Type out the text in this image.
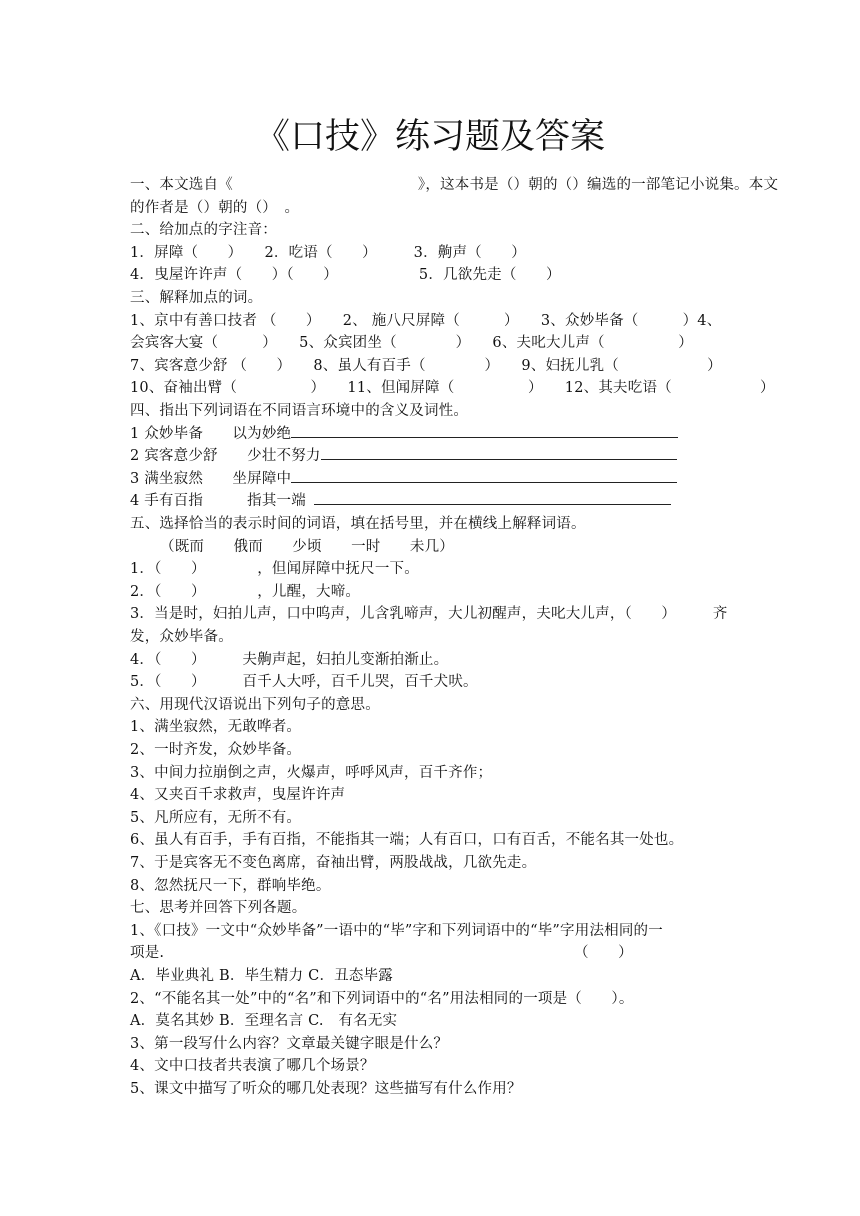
《口技》练习题及答案
一、本文选自《	》，这本书是（）朝的（）编选的一部笔记小说集。本文
的作者是（）朝的（）　。
二、给加点的字注音：
1．屏障（　　）　　2．吃语（　　）　　　3．齁声（　　）
4．曳屋许许声（　　）（　　）　　　　　　5．几欲先走（　　）
三、解释加点的词。
1、京中有善口技者 （　　）　　2、 施八尺屏障（　　　）　　3、众妙毕备（　　　）4、
会宾客大宴（　　　）　　5、众宾团坐（　　　　）　　6、夫叱大儿声（　　　　　）
7、宾客意少舒 （　　）　　8、虽人有百手（　　　　）　　9、妇抚儿乳（　　　　　　）
10、奋袖出臂（　　　　　）　　11、但闻屏障（　　　　　）　　12、其夫吃语（　　　　　　）
四、指出下列词语在不同语言环境中的含义及词性。
1 众妙毕备　　以为妙绝
2 宾客意少舒　　少壮不努力
3 满坐寂然　　坐屏障中
4 手有百指　　　指其一端
五、选择恰当的表示时间的词语，填在括号里，并在横线上解释词语。
（既而　　俄而　　少顷　　一时　　未几）
1．（　　）　　　　，但闻屏障中抚尺一下。
2．（　　）　　　　，儿醒，大啼。
3．当是时，妇拍儿声，口中呜声，儿含乳啼声，大儿初醒声，夫叱大儿声，（　　）　　　齐
发，众妙毕备。
4．（　　）　　　夫齁声起，妇拍儿变渐拍渐止。
5．（　　）　　　百千人大呼，百千儿哭，百千犬吠。
六、用现代汉语说出下列句子的意思。
1、满坐寂然，无敢哗者。
2、一时齐发，众妙毕备。
3、中间力拉崩倒之声，火爆声，呼呼风声，百千齐作；
4、又夹百千求救声，曳屋许许声
5、凡所应有，无所不有。
6、虽人有百手，手有百指，不能指其一端；人有百口，口有百舌，不能名其一处也。
7、于是宾客无不变色离席，奋袖出臂，两股战战，几欲先走。
8、忽然抚尺一下，群响毕绝。
七、思考并回答下列各题。
1、《口技》一文中“众妙毕备”一语中的“毕”字和下列词语中的“毕”字用法相同的一
项是.	（　　）
A．毕业典礼 B．毕生精力 C．丑态毕露
2、“不能名其一处”中的“名”和下列词语中的“名”用法相同的一项是（　　）。
A．莫名其妙 B．至理名言 C.　有名无实
3、第一段写什么内容？文章最关键字眼是什么？
4、文中口技者共表演了哪几个场景？
5、课文中描写了听众的哪几处表现？这些描写有什么作用？
